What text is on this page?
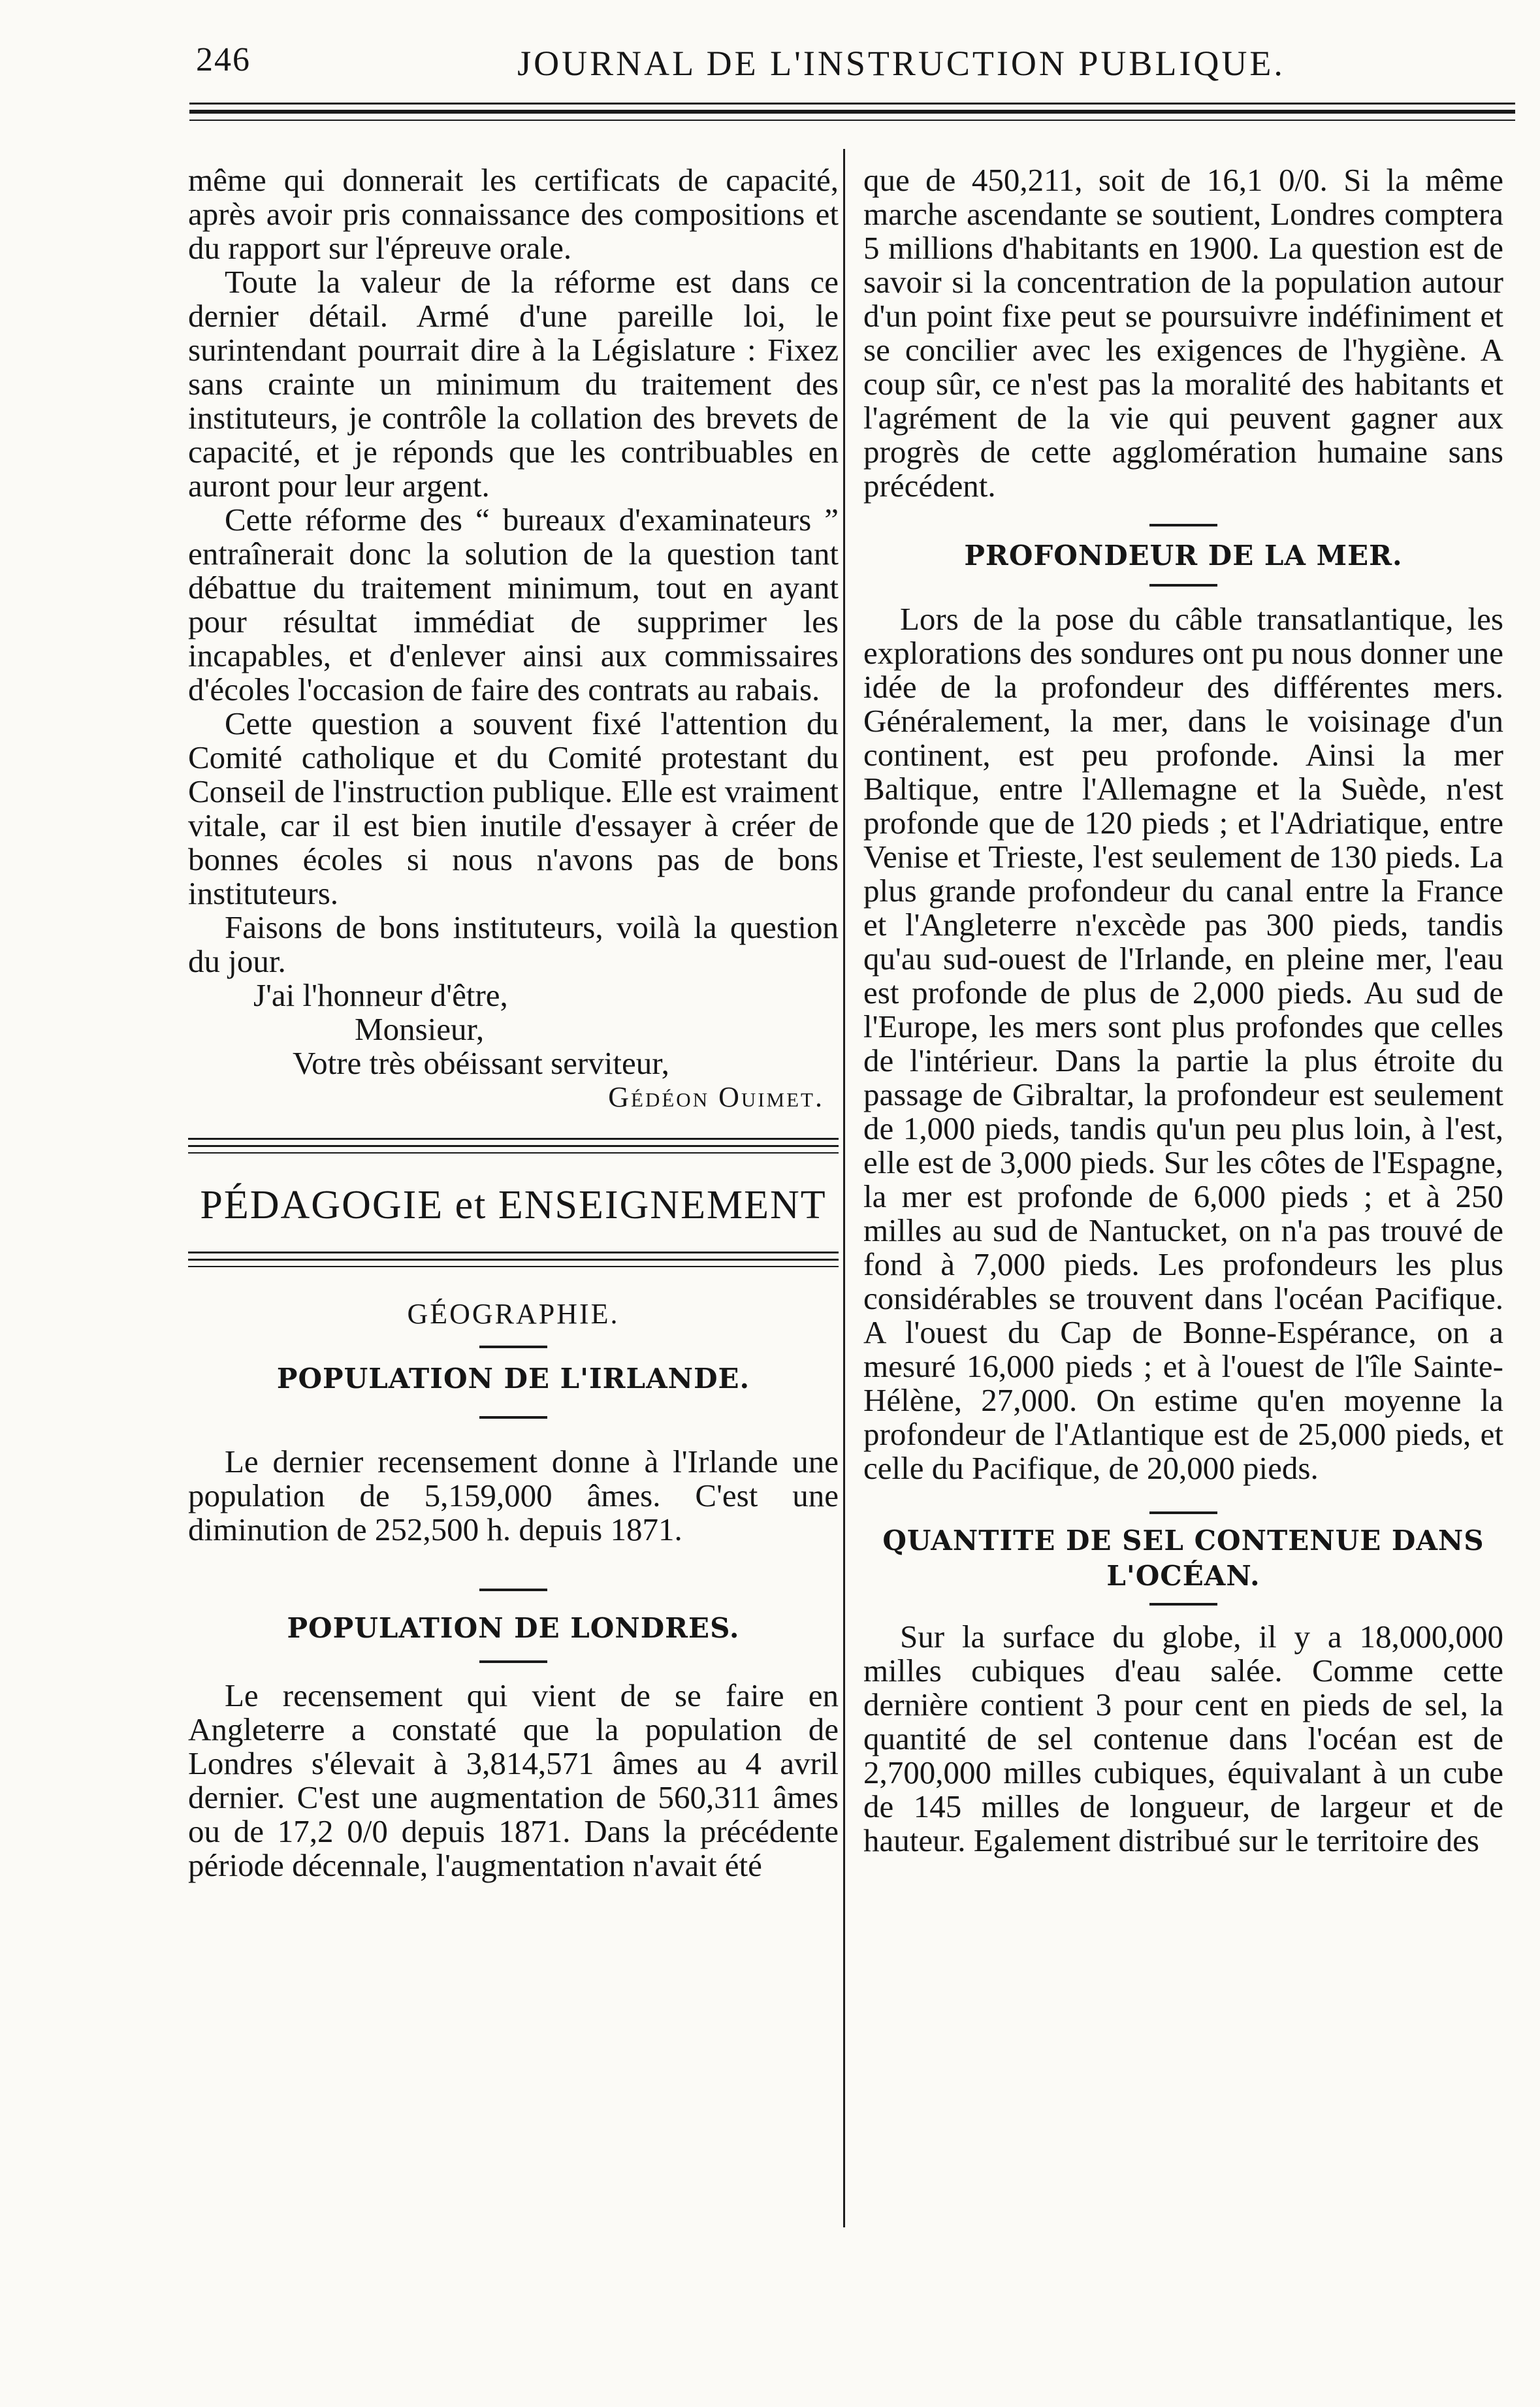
246	JOURNAL DE L'INSTRUCTION PUBLIQUE.

même qui donnerait les certificats de capacité, après avoir pris connaissance des compositions et du rapport sur l'épreuve orale.

Toute la valeur de la réforme est dans ce dernier détail. Armé d'une pareille loi, le surintendant pourrait dire à la Législature : Fixez sans crainte un minimum du traitement des instituteurs, je contrôle la collation des brevets de capacité, et je réponds que les contribuables en auront pour leur argent.

Cette réforme des “ bureaux d'examinateurs ” entraînerait donc la solution de la question tant débattue du traitement minimum, tout en ayant pour résultat immédiat de supprimer les incapables, et d'enlever ainsi aux commissaires d'écoles l'occasion de faire des contrats au rabais.

Cette question a souvent fixé l'attention du Comité catholique et du Comité protestant du Conseil de l'instruction publique. Elle est vraiment vitale, car il est bien inutile d'essayer à créer de bonnes écoles si nous n'avons pas de bons instituteurs.

Faisons de bons instituteurs, voilà la question du jour.

J'ai l'honneur d'être,

Monsieur,

Votre très obéissant serviteur,

Gédéon Ouimet.

PÉDAGOGIE et ENSEIGNEMENT
GÉOGRAPHIE.
POPULATION DE L'IRLANDE.

Le dernier recensement donne à l'Irlande une population de 5,159,000 âmes. C'est une diminution de 252,500 h. depuis 1871.

POPULATION DE LONDRES.

Le recensement qui vient de se faire en Angleterre a constaté que la population de Londres s'élevait à 3,814,571 âmes au 4 avril dernier. C'est une augmentation de 560,311 âmes ou de 17,2 0/0 depuis 1871. Dans la précédente période décennale, l'augmentation n'avait été

que de 450,211, soit de 16,1 0/0. Si la même marche ascendante se soutient, Londres comptera 5 millions d'habitants en 1900. La question est de savoir si la concentration de la population autour d'un point fixe peut se poursuivre indéfiniment et se concilier avec les exigences de l'hygiène. A coup sûr, ce n'est pas la moralité des habitants et l'agrément de la vie qui peuvent gagner aux progrès de cette agglomération humaine sans précédent.

PROFONDEUR DE LA MER.

Lors de la pose du câble transatlantique, les explorations des sondures ont pu nous donner une idée de la profondeur des différentes mers. Généralement, la mer, dans le voisinage d'un continent, est peu profonde. Ainsi la mer Baltique, entre l'Allemagne et la Suède, n'est profonde que de 120 pieds ; et l'Adriatique, entre Venise et Trieste, l'est seulement de 130 pieds. La plus grande profondeur du canal entre la France et l'Angleterre n'excède pas 300 pieds, tandis qu'au sud-ouest de l'Irlande, en pleine mer, l'eau est profonde de plus de 2,000 pieds. Au sud de l'Europe, les mers sont plus profondes que celles de l'intérieur. Dans la partie la plus étroite du passage de Gibraltar, la profondeur est seulement de 1,000 pieds, tandis qu'un peu plus loin, à l'est, elle est de 3,000 pieds. Sur les côtes de l'Espagne, la mer est profonde de 6,000 pieds ; et à 250 milles au sud de Nantucket, on n'a pas trouvé de fond à 7,000 pieds. Les profondeurs les plus considérables se trouvent dans l'océan Pacifique. A l'ouest du Cap de Bonne-Espérance, on a mesuré 16,000 pieds ; et à l'ouest de l'île Sainte-Hélène, 27,000. On estime qu'en moyenne la profondeur de l'Atlantique est de 25,000 pieds, et celle du Pacifique, de 20,000 pieds.

QUANTITE DE SEL CONTENUE DANS L'OCÉAN.

Sur la surface du globe, il y a 18,000,000 milles cubiques d'eau salée. Comme cette dernière contient 3 pour cent en pieds de sel, la quantité de sel contenue dans l'océan est de 2,700,000 milles cubiques, équivalant à un cube de 145 milles de longueur, de largeur et de hauteur. Egalement distribué sur le territoire des
